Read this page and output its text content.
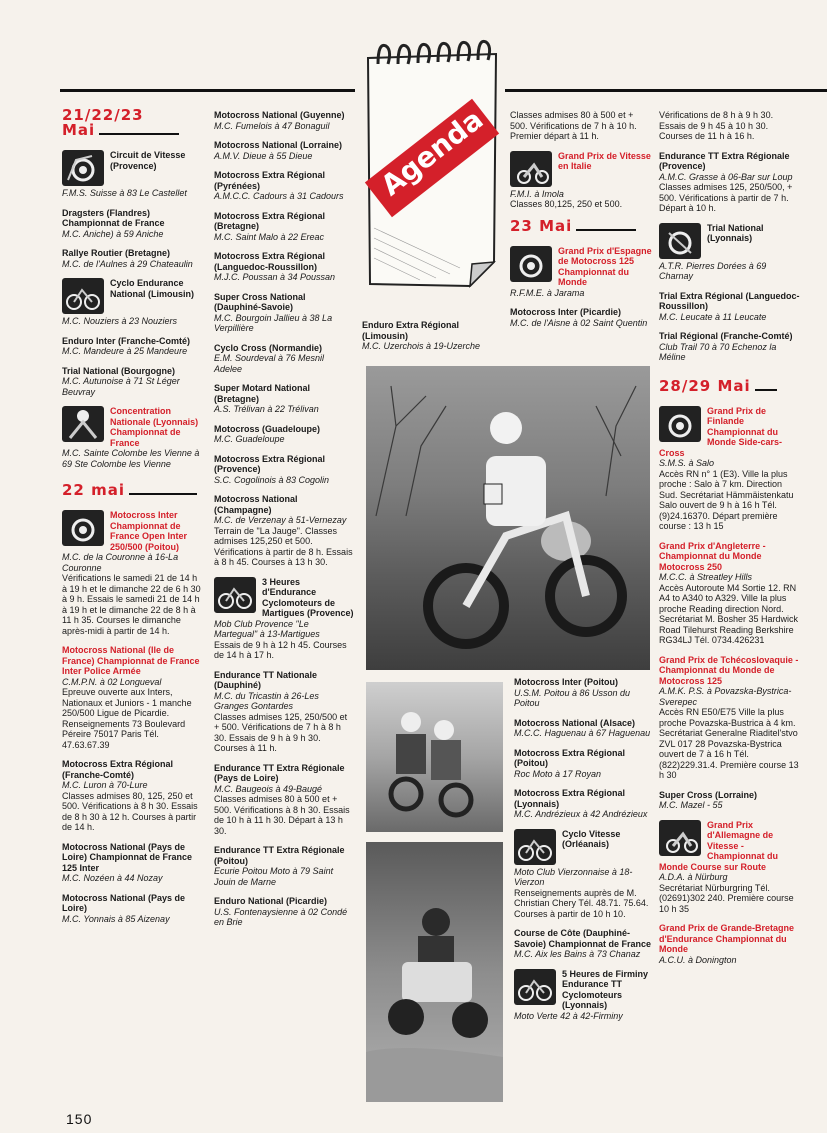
Agenda
21/22/23
Mai
Circuit de Vitesse (Provence)
F.M.S. Suisse à 83 Le Castellet
Dragsters (Flandres) Championnat de France
M.C. Aniche) à 59 Aniche
Rallye Routier (Bretagne)
M.C. de l'Aulnes à 29 Chateaulin
Cyclo Endurance National (Limousin)
M.C. Nouziers à 23 Nouziers
Enduro Inter (Franche-Comté)
M.C. Mandeure à 25 Mandeure
Trial National (Bourgogne)
M.C. Autunoise à 71 St Léger Beuvray
Concentration Nationale (Lyonnais) Championnat de France
M.C. Sainte Colombe les Vienne à 69 Ste Colombe les Vienne
22 mai
Motocross Inter Championnat de France Open Inter 250/500 (Poitou)
M.C. de la Couronne à 16-La Couronne
Vérifications le samedi 21 de 14 h à 19 h et le dimanche 22 de 6 h 30 à 9 h. Essais le samedi 21 de 14 h à 19 h et le dimanche 22 de 8 h à 11 h 35. Courses le dimanche après-midi à partir de 14 h.
Motocross National (Ile de France) Championnat de France Inter Police Armée
C.M.P.N. à 02 Longueval
Epreuve ouverte aux Inters, Nationaux et Juniors - 1 manche 250/500 Ligue de Picardie. Renseignements 73 Boulevard Péreire 75017 Paris Tél. 47.63.67.39
Motocross Extra Régional (Franche-Comté)
M.C. Luron à 70-Lure
Classes admises 80, 125, 250 et 500. Vérifications à 8 h 30. Essais de 8 h 30 à 12 h. Courses à partir de 14 h.
Motocross National (Pays de Loire) Championnat de France 125 Inter
M.C. Nozéen à 44 Nozay
Motocross National (Pays de Loire)
M.C. Yonnais à 85 Aizenay
Motocross National (Guyenne)
M.C. Fumelois à 47 Bonaguil
Motocross National (Lorraine)
A.M.V. Dieue à 55 Dieue
Motocross Extra Régional (Pyrénées)
A.M.C.C. Cadours à 31 Cadours
Motocross Extra Régional (Bretagne)
M.C. Saint Malo à 22 Ereac
Motocross Extra Régional (Languedoc-Roussillon)
M.J.C. Poussan à 34 Poussan
Super Cross National (Dauphiné-Savoie)
M.C. Bourgoin Jallieu à 38 La Verpillière
Cyclo Cross (Normandie)
E.M. Sourdeval à 76 Mesnil Adelee
Super Motard National (Bretagne)
A.S. Trélivan à 22 Trélivan
Motocross (Guadeloupe)
M.C. Guadeloupe
Motocross Extra Régional (Provence)
S.C. Cogolinois à 83 Cogolin
Motocross National (Champagne)
M.C. de Verzenay à 51-Vernezay
Terrain de "La Jauge". Classes admises 125,250 et 500. Vérifications à partir de 8 h. Essais à 8 h 45. Courses à 13 h 30.
3 Heures d'Endurance Cyclomoteurs de Martigues (Provence)
Mob Club Provence "Le Martegual" à 13-Martigues
Essais de 9 h à 12 h 45. Courses de 14 h à 17 h.
Endurance TT Nationale (Dauphiné)
M.C. du Tricastin à 26-Les Granges Gontardes
Classes admises 125, 250/500 et + 500. Vérifications de 7 h à 8 h 30. Essais de 9 h à 9 h 30. Courses à 11 h.
Endurance TT Extra Régionale (Pays de Loire)
M.C. Baugeois à 49-Baugé
Classes admises 80 à 500 et + 500. Vérifications à 8 h 30. Essais de 10 h à 11 h 30. Départ à 13 h 30.
Endurance TT Extra Régionale (Poitou)
Ecurie Poitou Moto à 79 Saint Jouin de Marne
Enduro National (Picardie)
U.S. Fontenaysienne à 02 Condé en Brie
Enduro Extra Régional (Limousin)
M.C. Uzerchois à 19-Uzerche
Classes admises 80 à 500 et + 500. Vérifications de 7 h à 10 h. Premier départ à 11 h.
Grand Prix de Vitesse en Italie
F.M.I. à Imola
Classes 80,125, 250 et 500.
23 Mai
Grand Prix d'Espagne de Motocross 125 Championnat du Monde
R.F.M.E. à Jarama
Motocross Inter (Picardie)
M.C. de l'Aisne à 02 Saint Quentin
Motocross Inter (Poitou)
U.S.M. Poitou à 86 Usson du Poitou
Motocross National (Alsace)
M.C.C. Haguenau à 67 Haguenau
Motocross Extra Régional (Poitou)
Roc Moto à 17 Royan
Motocross Extra Régional (Lyonnais)
M.C. Andrézieux à 42 Andrézieux
Cyclo Vitesse (Orléanais)
Moto Club Vierzonnaise à 18-Vierzon
Renseignements auprès de M. Christian Chery Tél. 48.71. 75.64. Courses à partir de 10 h 10.
Course de Côte (Dauphiné-Savoie) Championnat de France
M.C. Aix les Bains à 73 Chanaz
5 Heures de Firminy Endurance TT Cyclomoteurs (Lyonnais)
Moto Verte 42 à 42-Firminy
Vérifications de 8 h à 9 h 30. Essais de 9 h 45 à 10 h 30. Courses de 11 h à 16 h.
Endurance TT Extra Régionale (Provence)
A.M.C. Grasse à 06-Bar sur Loup
Classes admises 125, 250/500, + 500. Vérifications à partir de 7 h. Départ à 10 h.
Trial National (Lyonnais)
A.T.R. Pierres Dorées à 69 Charnay
Trial Extra Régional (Languedoc-Roussillon)
M.C. Leucate à 11 Leucate
Trial Régional (Franche-Comté)
Club Trail 70 à 70 Echenoz la Méline
28/29 Mai
Grand Prix de Finlande Championnat du Monde Side-cars-Cross
S.M.S. à Salo
Accès RN n° 1 (E3). Ville la plus proche : Salo à 7 km. Direction Sud. Secrétariat Hämmäistenkatu Salo ouvert de 9 h à 16 h Tél. (9)24.16370. Départ première course : 13 h 15
Grand Prix d'Angleterre - Championnat du Monde Motocross 250
M.C.C. à Streatley Hills
Accès Autoroute M4 Sortie 12. RN A4 to A340 to A329. Ville la plus proche Reading direction Nord. Secrétariat M. Bosher 35 Hardwick Road Tilehurst Reading Berkshire RG34LJ Tél. 0734.426231
Grand Prix de Tchécoslovaquie - Championnat du Monde de Motocross 125
A.M.K. P.S. à Povazska-Bystrica-Sverepec
Accès RN E50/E75 Ville la plus proche Povazska-Bustrica à 4 km. Secrétariat Generalne Riaditel'stvo ZVL 017 28 Povazska-Bystrica ouvert de 7 à 16 h Tél. (822)229.31.4. Première course 13 h 30
Super Cross (Lorraine)
M.C. Mazel - 55
Grand Prix d'Allemagne de Vitesse - Championnat du Monde Course sur Route
A.D.A. à Nürburg
Secrétariat Nürburgring Tél. (02691)302 240. Première course 10 h 35
Grand Prix de Grande-Bretagne d'Endurance Championnat du Monde
A.C.U. à Donington
150
